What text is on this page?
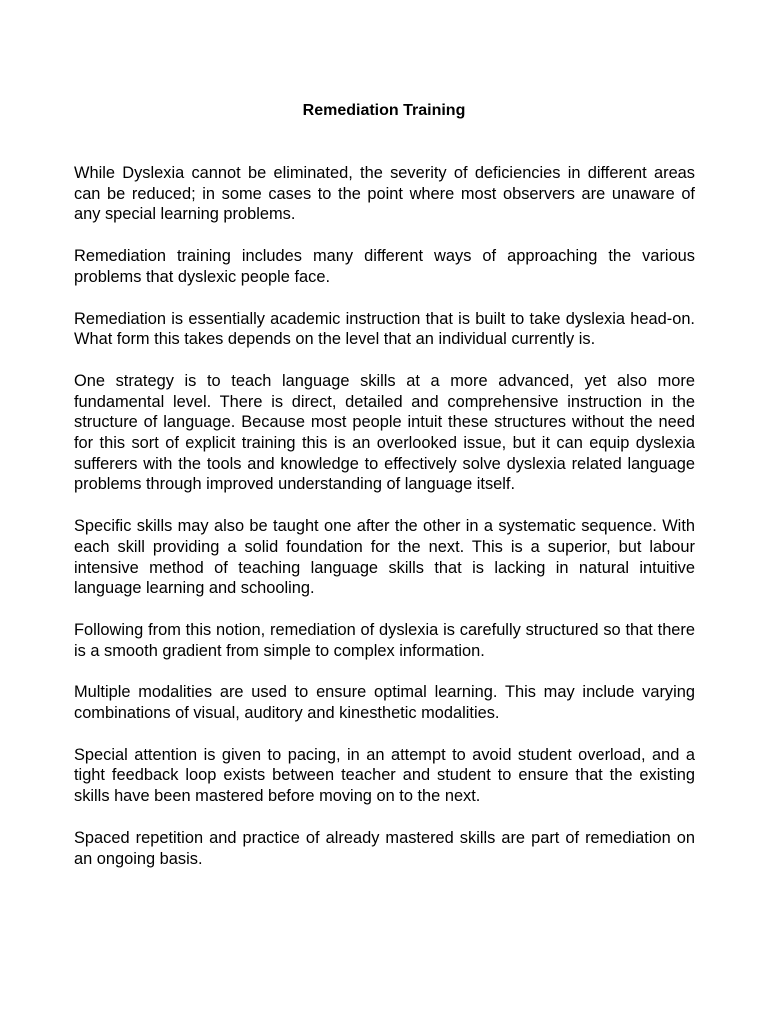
Remediation Training

While Dyslexia cannot be eliminated, the severity of deficiencies in different areas can be reduced; in some cases to the point where most observers are unaware of any special learning problems.

Remediation training includes many different ways of approaching the various problems that dyslexic people face.

Remediation is essentially academic instruction that is built to take dyslexia head-on. What form this takes depends on the level that an individual currently is.

One strategy is to teach language skills at a more advanced, yet also more fundamental level. There is direct, detailed and comprehensive instruction in the structure of language. Because most people intuit these structures without the need for this sort of explicit training this is an overlooked issue, but it can equip dyslexia sufferers with the tools and knowledge to effectively solve dyslexia related language problems through improved understanding of language itself.

Specific skills may also be taught one after the other in a systematic sequence. With each skill providing a solid foundation for the next. This is a superior, but labour intensive method of teaching language skills that is lacking in natural intuitive language learning and schooling.

Following from this notion, remediation of dyslexia is carefully structured so that there is a smooth gradient from simple to complex information.

Multiple modalities are used to ensure optimal learning. This may include varying combinations of visual, auditory and kinesthetic modalities.

Special attention is given to pacing, in an attempt to avoid student overload, and a tight feedback loop exists between teacher and student to ensure that the existing skills have been mastered before moving on to the next.

Spaced repetition and practice of already mastered skills are part of remediation on an ongoing basis.
